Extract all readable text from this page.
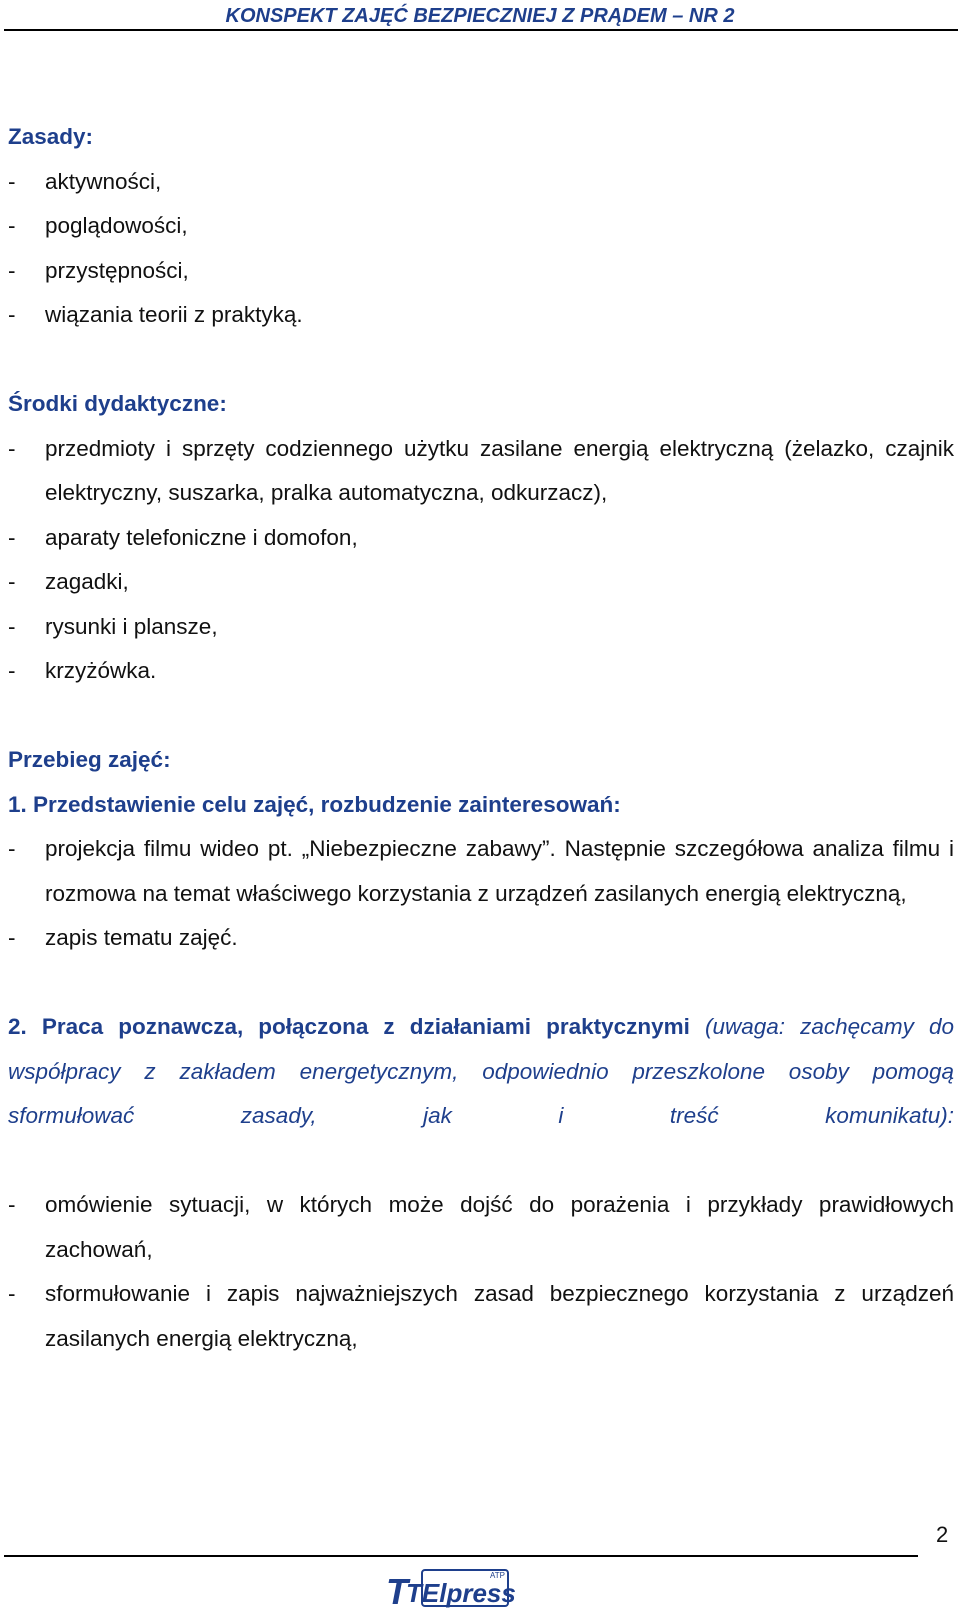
KONSPEKT ZAJĘĆ BEZPIECZNIEJ Z PRĄDEM – NR 2
Zasady:
-	aktywności,
-	poglądowości,
-	przystępności,
-	wiązania teorii z praktyką.
Środki dydaktyczne:
-	przedmioty i sprzęty codziennego użytku zasilane energią elektryczną (żelazko, czajnik elektryczny, suszarka, pralka automatyczna, odkurzacz),
-	aparaty telefoniczne i domofon,
-	zagadki,
-	rysunki i plansze,
-	krzyżówka.
Przebieg zajęć:
1. Przedstawienie celu zajęć, rozbudzenie zainteresowań:
-	projekcja filmu wideo pt. „Niebezpieczne zabawy”. Następnie szczegółowa analiza filmu i rozmowa na temat właściwego korzystania z urządzeń zasilanych energią elektryczną,
-	zapis tematu zajęć.
2. Praca poznawcza, połączona z działaniami praktycznymi (uwaga: zachęcamy do współpracy z zakładem energetycznym, odpowiednio przeszkolone osoby pomogą sformułować zasady, jak i treść komunikatu):
-	omówienie sytuacji, w których może dojść do porażenia i przykłady prawidłowych zachowań,
-	sformułowanie i zapis najważniejszych zasad bezpiecznego korzystania z urządzeń zasilanych energią elektryczną,
2
T
TElpress
ATP
